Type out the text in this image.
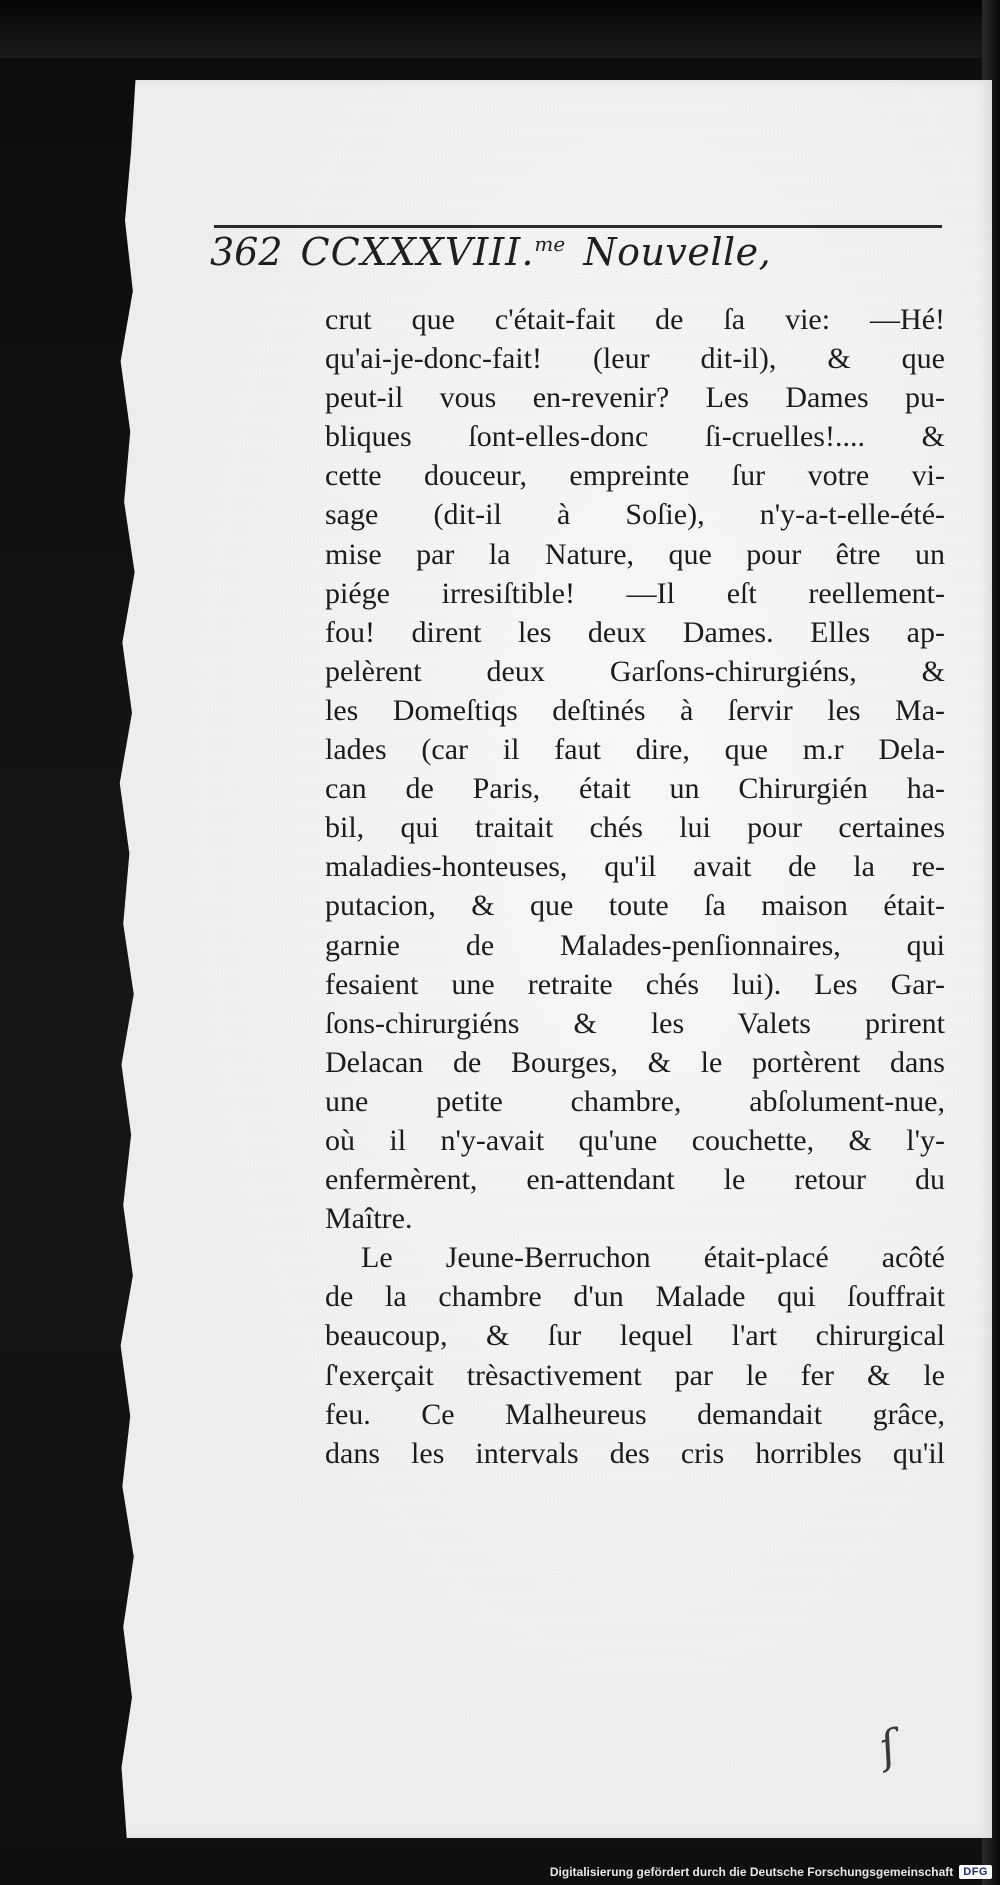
362 CCXXXVIII.$^{me}$ Nouvelle,
crut que c'était-fait de ſa vie: —Hé!
qu'ai-je-donc-fait! (leur dit-il), & que
peut-il vous en-revenir? Les Dames pu-
bliques ſont-elles-donc ſi-cruelles!.... &
cette douceur, empreinte ſur votre vi-
sage (dit-il à Soſie), n'y-a-t-elle-été-
mise par la Nature, que pour être un
piége irresiſtible! —Il eſt reellement-
fou! dirent les deux Dames. Elles ap-
pelèrent deux Garſons-chirurgiéns, &
les Domeſtiqs deſtinés à ſervir les Ma-
lades (car il faut dire, que m.r Dela-
can de Paris, était un Chirurgién ha-
bil, qui traitait chés lui pour certaines
maladies-honteuses, qu'il avait de la re-
putacion, & que toute ſa maison était-
garnie de Malades-penſionnaires, qui
fesaient une retraite chés lui). Les Gar-
ſons-chirurgiéns & les Valets prirent
Delacan de Bourges, & le portèrent dans
une petite chambre, abſolument-nue,
où il n'y-avait qu'une couchette, & l'y-
enfermèrent, en-attendant le retour du
Maître.
Le Jeune-Berruchon était-placé acôté
de la chambre d'un Malade qui ſouffrait
beaucoup, & ſur lequel l'art chirurgical
ſ'exerçait trèsactivement par le fer & le
feu. Ce Malheureus demandait grâce,
dans les intervals des cris horribles qu'il
ſ
Digitalisierung gefördert durch die Deutsche Forschungsgemeinschaft DFG
